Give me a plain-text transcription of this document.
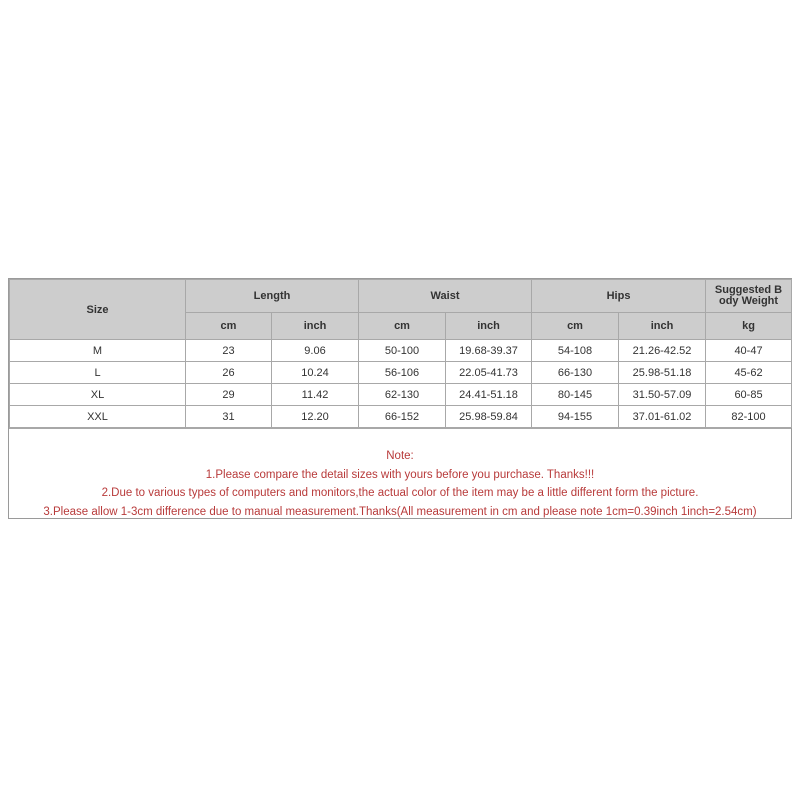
Size	Length		Waist		Hips		Suggested B
ody Weight
	cm	inch	cm	inch	cm	inch	kg
M	23	9.06	50-100	19.68-39.37	54-108	21.26-42.52	40-47
L	26	10.24	56-106	22.05-41.73	66-130	25.98-51.18	45-62
XL	29	11.42	62-130	24.41-51.18	80-145	31.50-57.09	60-85
XXL	31	12.20	66-152	25.98-59.84	94-155	37.01-61.02	82-100
Note:
1.Please compare the detail sizes with yours before you purchase. Thanks!!!
2.Due to various types of computers and monitors,the actual color of the item may be a little different form the picture.
3.Please allow 1-3cm difference due to manual measurement.Thanks(All measurement in cm and please note 1cm=0.39inch 1inch=2.54cm)
